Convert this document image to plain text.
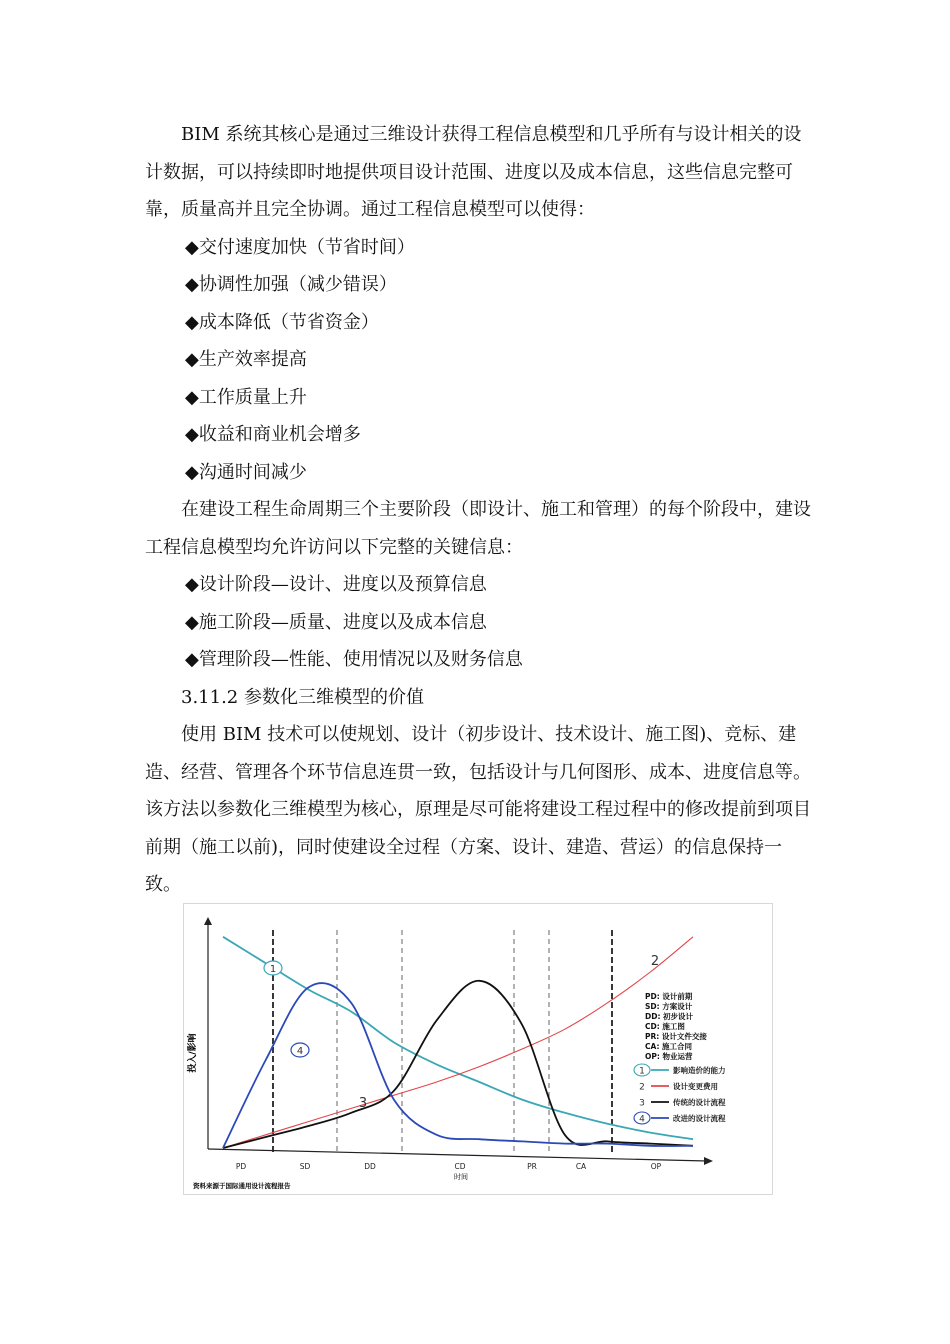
BIM 系统其核心是通过三维设计获得工程信息模型和几乎所有与设计相关的设计数据，可以持续即时地提供项目设计范围、进度以及成本信息，这些信息完整可靠，质量高并且完全协调。通过工程信息模型可以使得：

◆交付速度加快（节省时间）

◆协调性加强（减少错误）

◆成本降低（节省资金）

◆生产效率提高

◆工作质量上升

◆收益和商业机会增多

◆沟通时间减少

在建设工程生命周期三个主要阶段（即设计、施工和管理）的每个阶段中，建设工程信息模型均允许访问以下完整的关键信息：

◆设计阶段—设计、进度以及预算信息

◆施工阶段—质量、进度以及成本信息

◆管理阶段—性能、使用情况以及财务信息

3.11.2 参数化三维模型的价值

使用 BIM 技术可以使规划、设计（初步设计、技术设计、施工图)、竞标、建造、经营、管理各个环节信息连贯一致，包括设计与几何图形、成本、进度信息等。该方法以参数化三维模型为核心，原理是尽可能将建设工程过程中的修改提前到项目前期（施工以前)，同时使建设全过程（方案、设计、建造、营运）的信息保持一致。

1
2
3
4
PD	SD	DD	CD	PR	CA	OP
PD: 设计前期
SD: 方案设计
DD: 初步设计
CD: 施工图
PR: 设计文件交接
CA: 施工合同
OP: 物业运营
1	影响造价的能力
2	设计变更费用
3	传统的设计流程
4	改进的设计流程
投入/影响
时间
资料来源于国际通用设计流程报告
